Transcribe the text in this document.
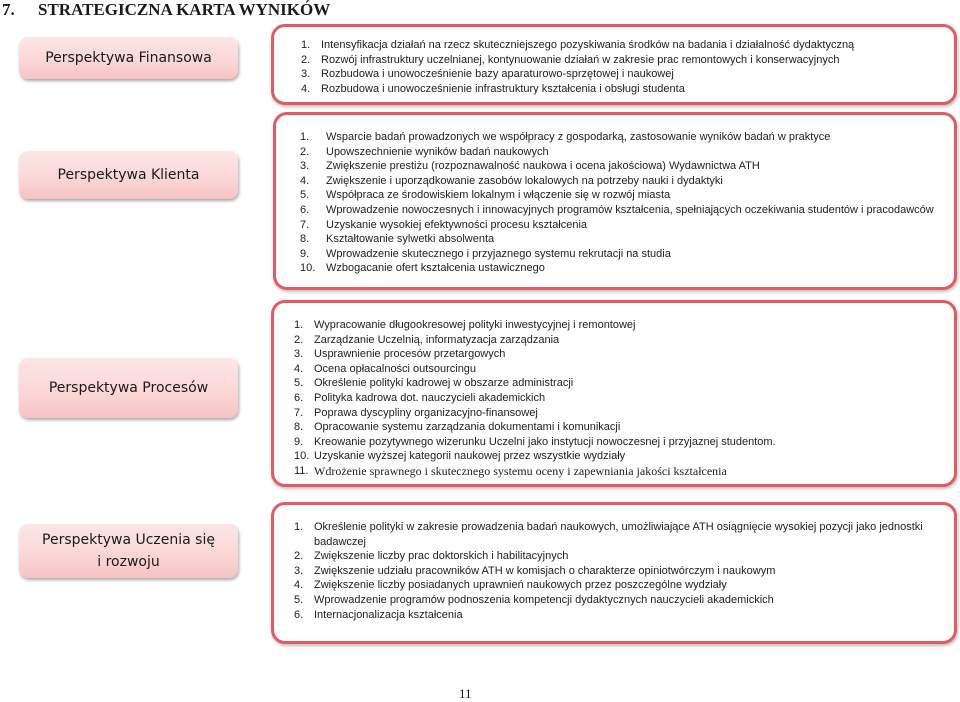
7. STRATEGICZNA KARTA WYNIKÓW
Perspektywa Finansowa
1. Intensyfikacja działań na rzecz skuteczniejszego pozyskiwania środków na badania i działalność dydaktyczną
2. Rozwój infrastruktury uczelnianej, kontynuowanie działań w zakresie prac remontowych i konserwacyjnych
3. Rozbudowa i unowocześnienie bazy aparaturowo-sprzętowej i naukowej
4. Rozbudowa i unowocześnienie infrastruktury kształcenia i obsługi studenta
Perspektywa Klienta
1. Wsparcie badań prowadzonych we współpracy z gospodarką, zastosowanie wyników badań w praktyce
2. Upowszechnienie wyników badań naukowych
3. Zwiększenie prestiżu (rozpoznawalność naukowa i ocena jakościowa) Wydawnictwa ATH
4. Zwiększenie i uporządkowanie zasobów lokalowych na potrzeby nauki i dydaktyki
5. Współpraca ze środowiskiem lokalnym i włączenie się w rozwój miasta
6. Wprowadzenie nowoczesnych i innowacyjnych programów kształcenia, spełniających oczekiwania studentów i pracodawców
7. Uzyskanie wysokiej efektywności procesu kształcenia
8. Kształtowanie sylwetki absolwenta
9. Wprowadzenie skutecznego i przyjaznego systemu rekrutacji na studia
10. Wzbogacanie ofert kształcenia ustawicznego
Perspektywa Procesów
1. Wypracowanie długookresowej polityki inwestycyjnej i remontowej
2. Zarządzanie Uczelnią, informatyzacja zarządzania
3. Usprawnienie procesów przetargowych
4. Ocena opłacalności outsourcingu
5. Określenie polityki kadrowej w obszarze administracji
6. Polityka kadrowa dot. nauczycieli akademickich
7. Poprawa dyscypliny organizacyjno-finansowej
8. Opracowanie systemu zarządzania dokumentami i komunikacji
9. Kreowanie pozytywnego wizerunku Uczelni jako instytucji nowoczesnej i przyjaznej studentom.
10. Uzyskanie wyższej kategorii naukowej przez wszystkie wydziały
11. Wdrożenie sprawnego i skutecznego systemu oceny i zapewniania jakości kształcenia
Perspektywa Uczenia się
i rozwoju
1. Określenie polityki w zakresie prowadzenia badań naukowych, umożliwiające ATH osiągnięcie wysokiej pozycji jako jednostki badawczej
2. Zwiększenie liczby prac doktorskich i habilitacyjnych
3. Zwiększenie udziału pracowników ATH w komisjach o charakterze opiniotwórczym i naukowym
4. Zwiększenie liczby posiadanych uprawnień naukowych przez poszczególne wydziały
5. Wprowadzenie programów podnoszenia kompetencji dydaktycznych nauczycieli akademickich
6. Internacjonalizacja kształcenia
11
